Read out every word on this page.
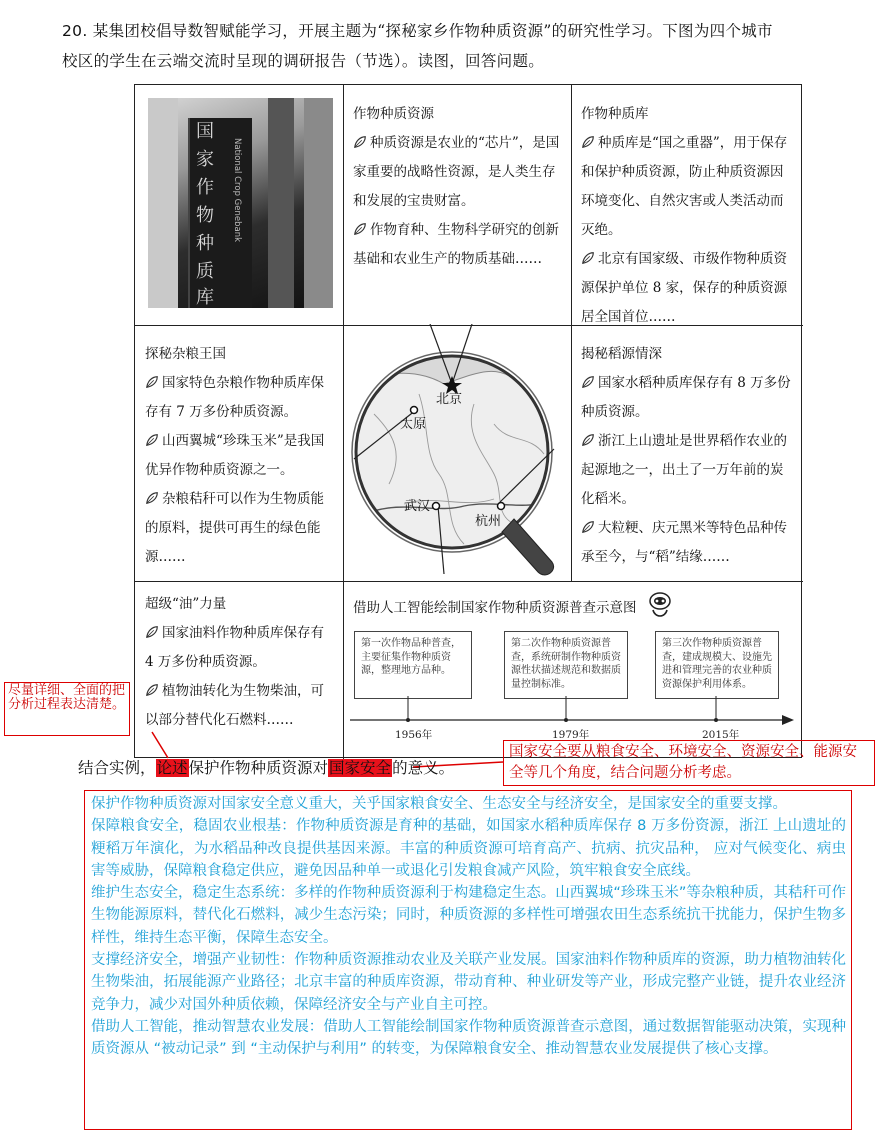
20. 某集团校倡导数智赋能学习，开展主题为“探秘家乡作物种质资源”的研究性学习。下图为四个城市
校区的学生在云端交流时呈现的调研报告（节选）。读图，回答问题。
国
家
作
物
种
质
库
National Crop Genebank
作物种质资源

种质资源是农业的“芯片”，是国家重要的战略性资源，是人类生存和发展的宝贵财富。

作物育种、生物科学研究的创新基础和农业生产的物质基础……

作物种质库

种质库是“国之重器”，用于保存和保护种质资源，防止种质资源因环境变化、自然灾害或人类活动而灭绝。

北京有国家级、市级作物种质资源保护单位 8 家，保存的种质资源居全国首位……

探秘杂粮王国

国家特色杂粮作物种质库保存有 7 万多份种质资源。

山西翼城“珍珠玉米”是我国优异作物种质资源之一。

杂粮秸秆可以作为生物质能的原料，提供可再生的绿色能源……

北京
太原
武汉
杭州
揭秘稻源情深

国家水稻种质库保存有 8 万多份种质资源。

浙江上山遗址是世界稻作农业的起源地之一，出土了一万年前的炭化稻米。

大粒粳、庆元黑米等特色品种传承至今，与“稻”结缘……

超级“油”力量

国家油料作物种质库保存有 4 万多份种质资源。

植物油转化为生物柴油，可以部分替代化石燃料……

借助人工智能绘制国家作物种质资源普查示意图
第一次作物品种普查，主要征集作物种质资源，整理地方品种。
第二次作物种质资源普查，系统研制作物种质资源性状描述规范和数据质量控制标准。
第三次作物种质资源普查，建成规模大、设施先进和管理完善的农业种质资源保护利用体系。
1956年	1979年	2015年
尽量详细、全面的把分析过程表达清楚。
国家安全要从粮食安全、环境安全、资源安全、能源安全等几个角度，结合问题分析考虑。
结合实例，论述保护作物种质资源对国家安全的意义。

保护作物种质资源对国家安全意义重大，关乎国家粮食安全、生态安全与经济安全，是国家安全的重要支撑。

保障粮食安全，稳固农业根基：作物种质资源是育种的基础，如国家水稻种质库保存 8 万多份资源，浙江 上山遗址的粳稻万年演化，为水稻品种改良提供基因来源。丰富的种质资源可培育高产、抗病、抗灾品种， 应对气候变化、病虫害等威胁，保障粮食稳定供应，避免因品种单一或退化引发粮食减产风险，筑牢粮食安全底线。

维护生态安全，稳定生态系统：多样的作物种质资源利于构建稳定生态。山西翼城“珍珠玉米”等杂粮种质，其秸秆可作生物能源原料，替代化石燃料，减少生态污染；同时，种质资源的多样性可增强农田生态系统抗干扰能力，保护生物多样性，维持生态平衡，保障生态安全。

支撑经济安全，增强产业韧性：作物种质资源推动农业及关联产业发展。国家油料作物种质库的资源，助力植物油转化生物柴油，拓展能源产业路径；北京丰富的种质库资源，带动育种、种业研发等产业，形成完整产业链，提升农业经济竞争力，减少对国外种质依赖，保障经济安全与产业自主可控。

借助人工智能，推动智慧农业发展：借助人工智能绘制国家作物种质资源普查示意图，通过数据智能驱动决策，实现种质资源从 “被动记录” 到 “主动保护与利用” 的转变，为保障粮食安全、推动智慧农业发展提供了核心支撑。
